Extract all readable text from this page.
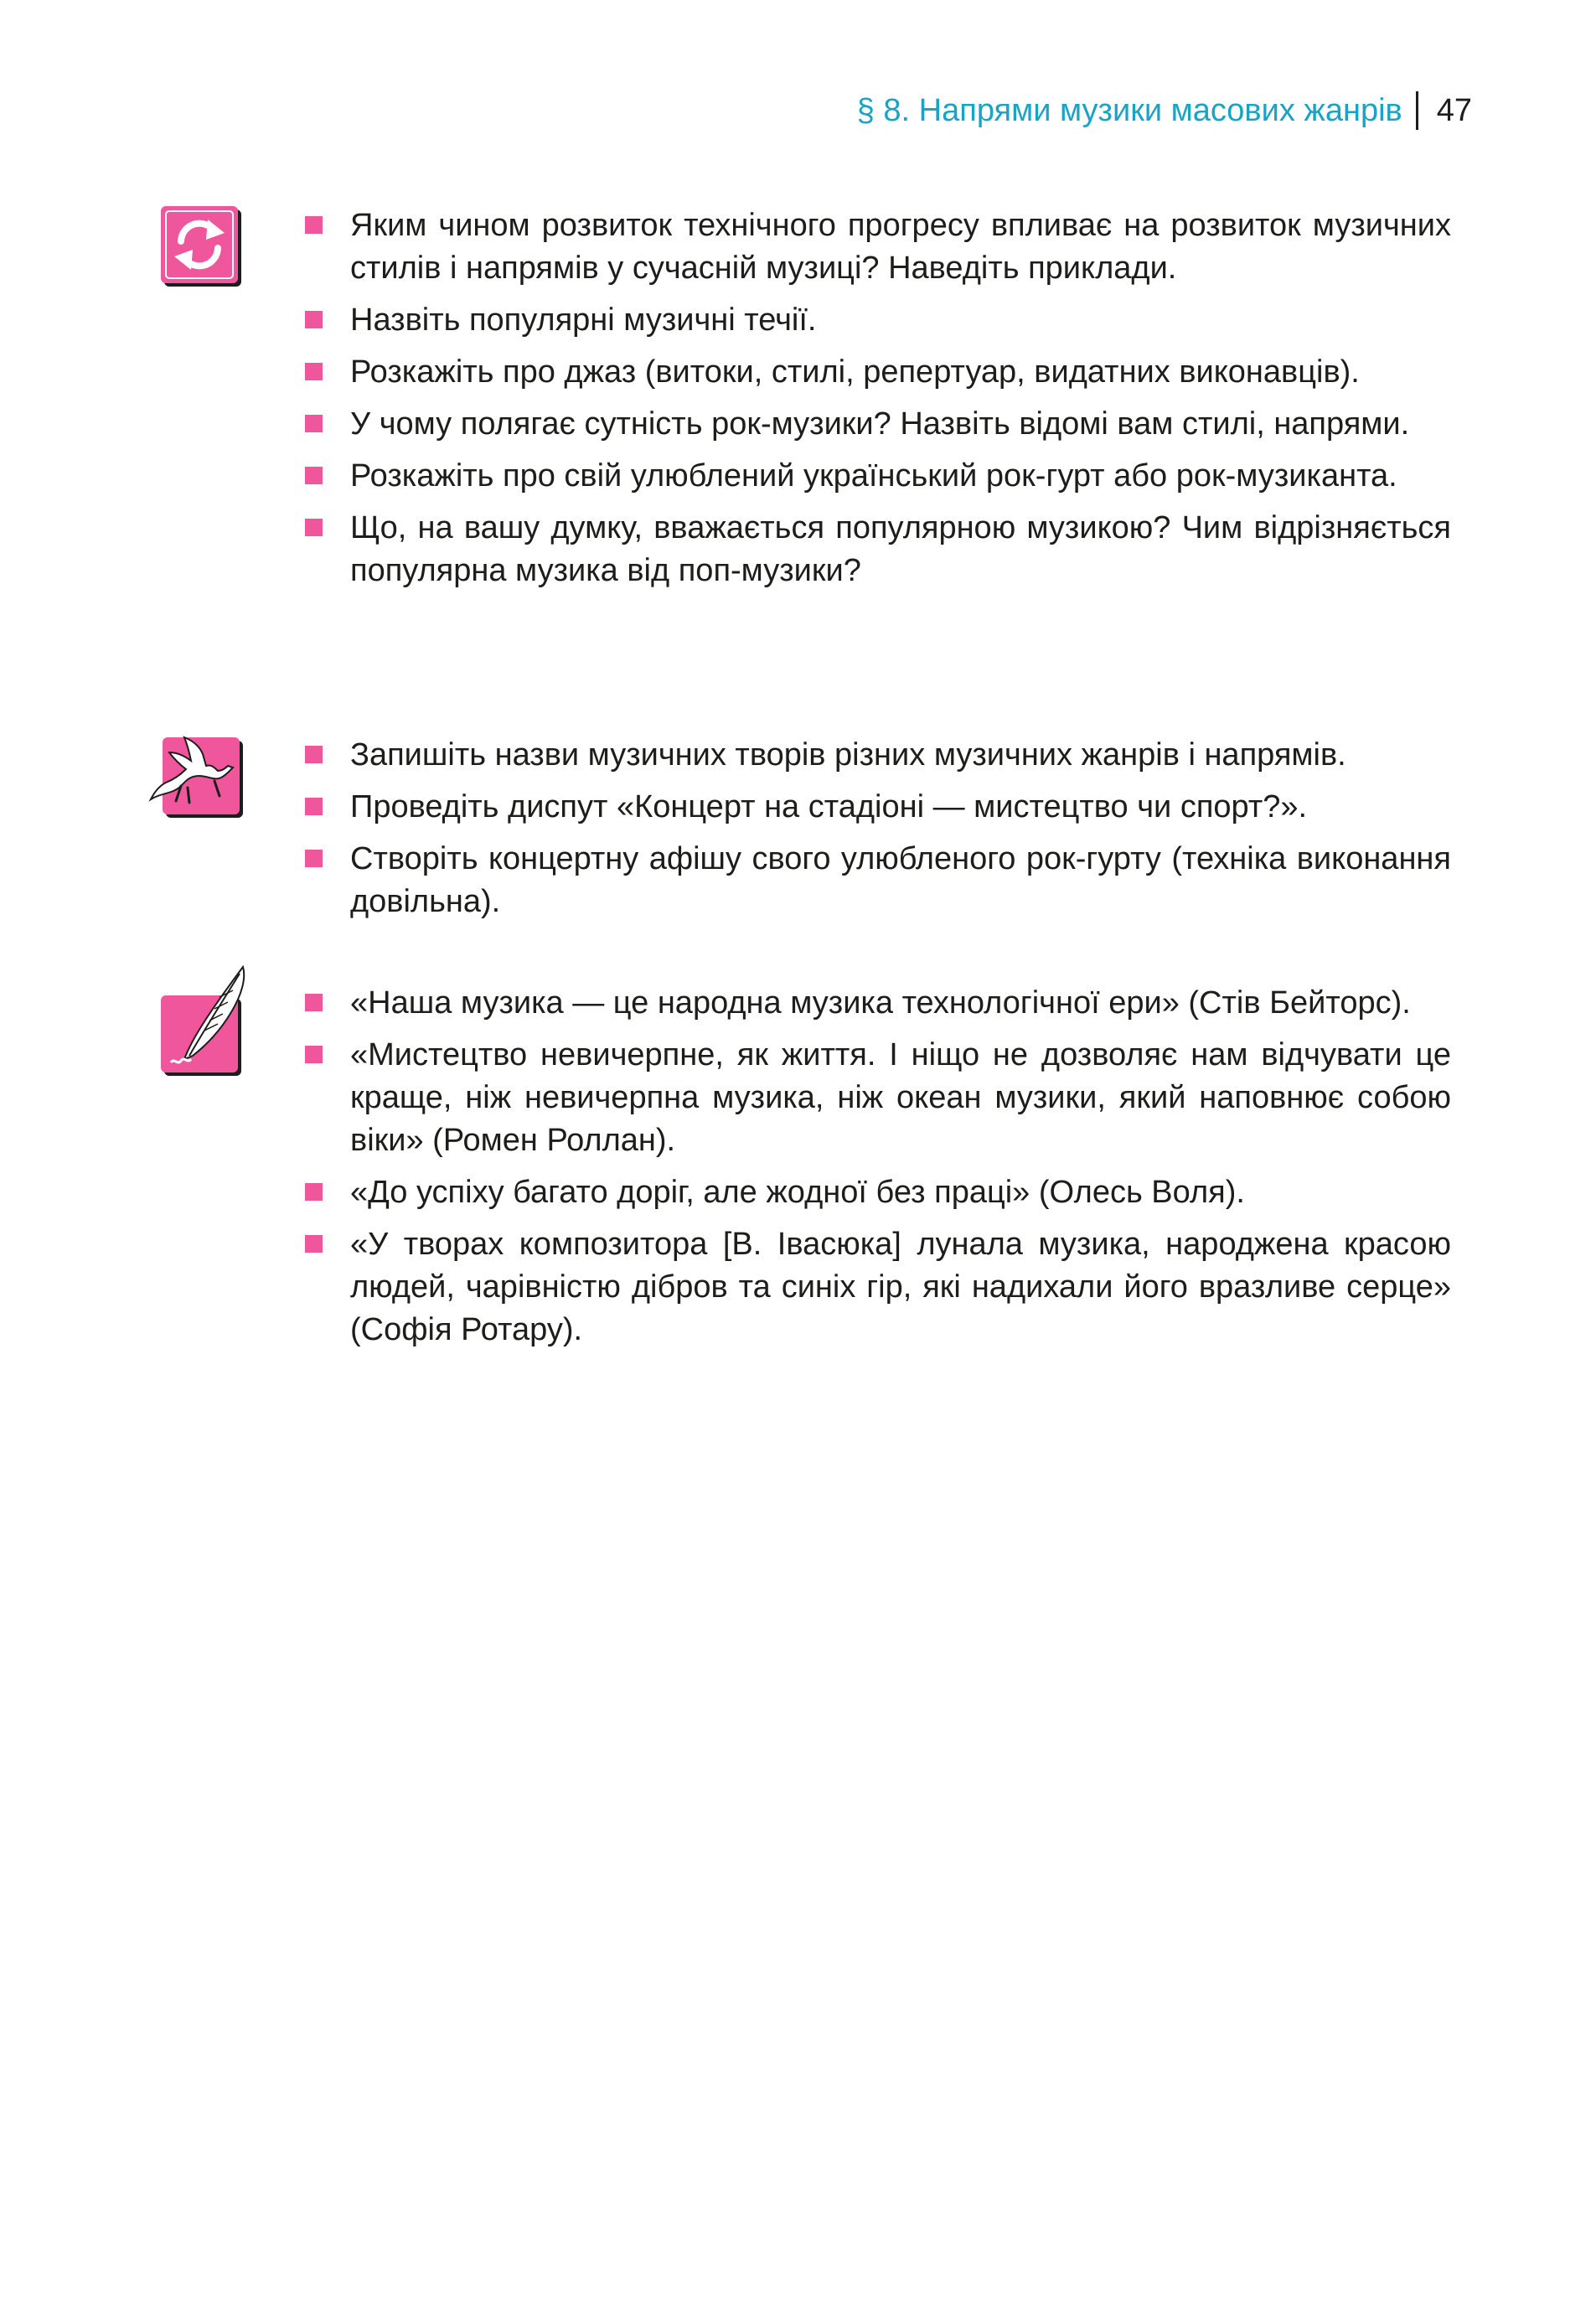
§ 8. Напрями музики масових жанрів 47
Яким чином розвиток технічного прогресу впливає на розвиток музичних стилів і напрямів у сучасній музиці? Наведіть приклади.
Назвіть популярні музичні течії.
Розкажіть про джаз (витоки, стилі, репертуар, видатних виконавців).
У чому полягає сутність рок-музики? Назвіть відомі вам стилі, напрями.
Розкажіть про свій улюблений український рок-гурт або рок-музиканта.
Що, на вашу думку, вважається популярною музикою? Чим відрізняється популярна музика від поп-музики?
Запишіть назви музичних творів різних музичних жанрів і напрямів.
Проведіть диспут «Концерт на стадіоні — мистецтво чи спорт?».
Створіть концертну афішу свого улюбленого рок-гурту (техніка виконання довільна).
«Наша музика — це народна музика технологічної ери» (Стів Бейторс).
«Мистецтво невичерпне, як життя. І ніщо не дозволяє нам відчувати це краще, ніж невичерпна музика, ніж океан музики, який наповнює собою віки» (Ромен Роллан).
«До успіху багато доріг, але жодної без праці» (Олесь Воля).
«У творах композитора [В. Івасюка] лунала музика, народжена красою людей, чарівністю дібров та синіх гір, які надихали його вразливе серце» (Софія Ротару).
